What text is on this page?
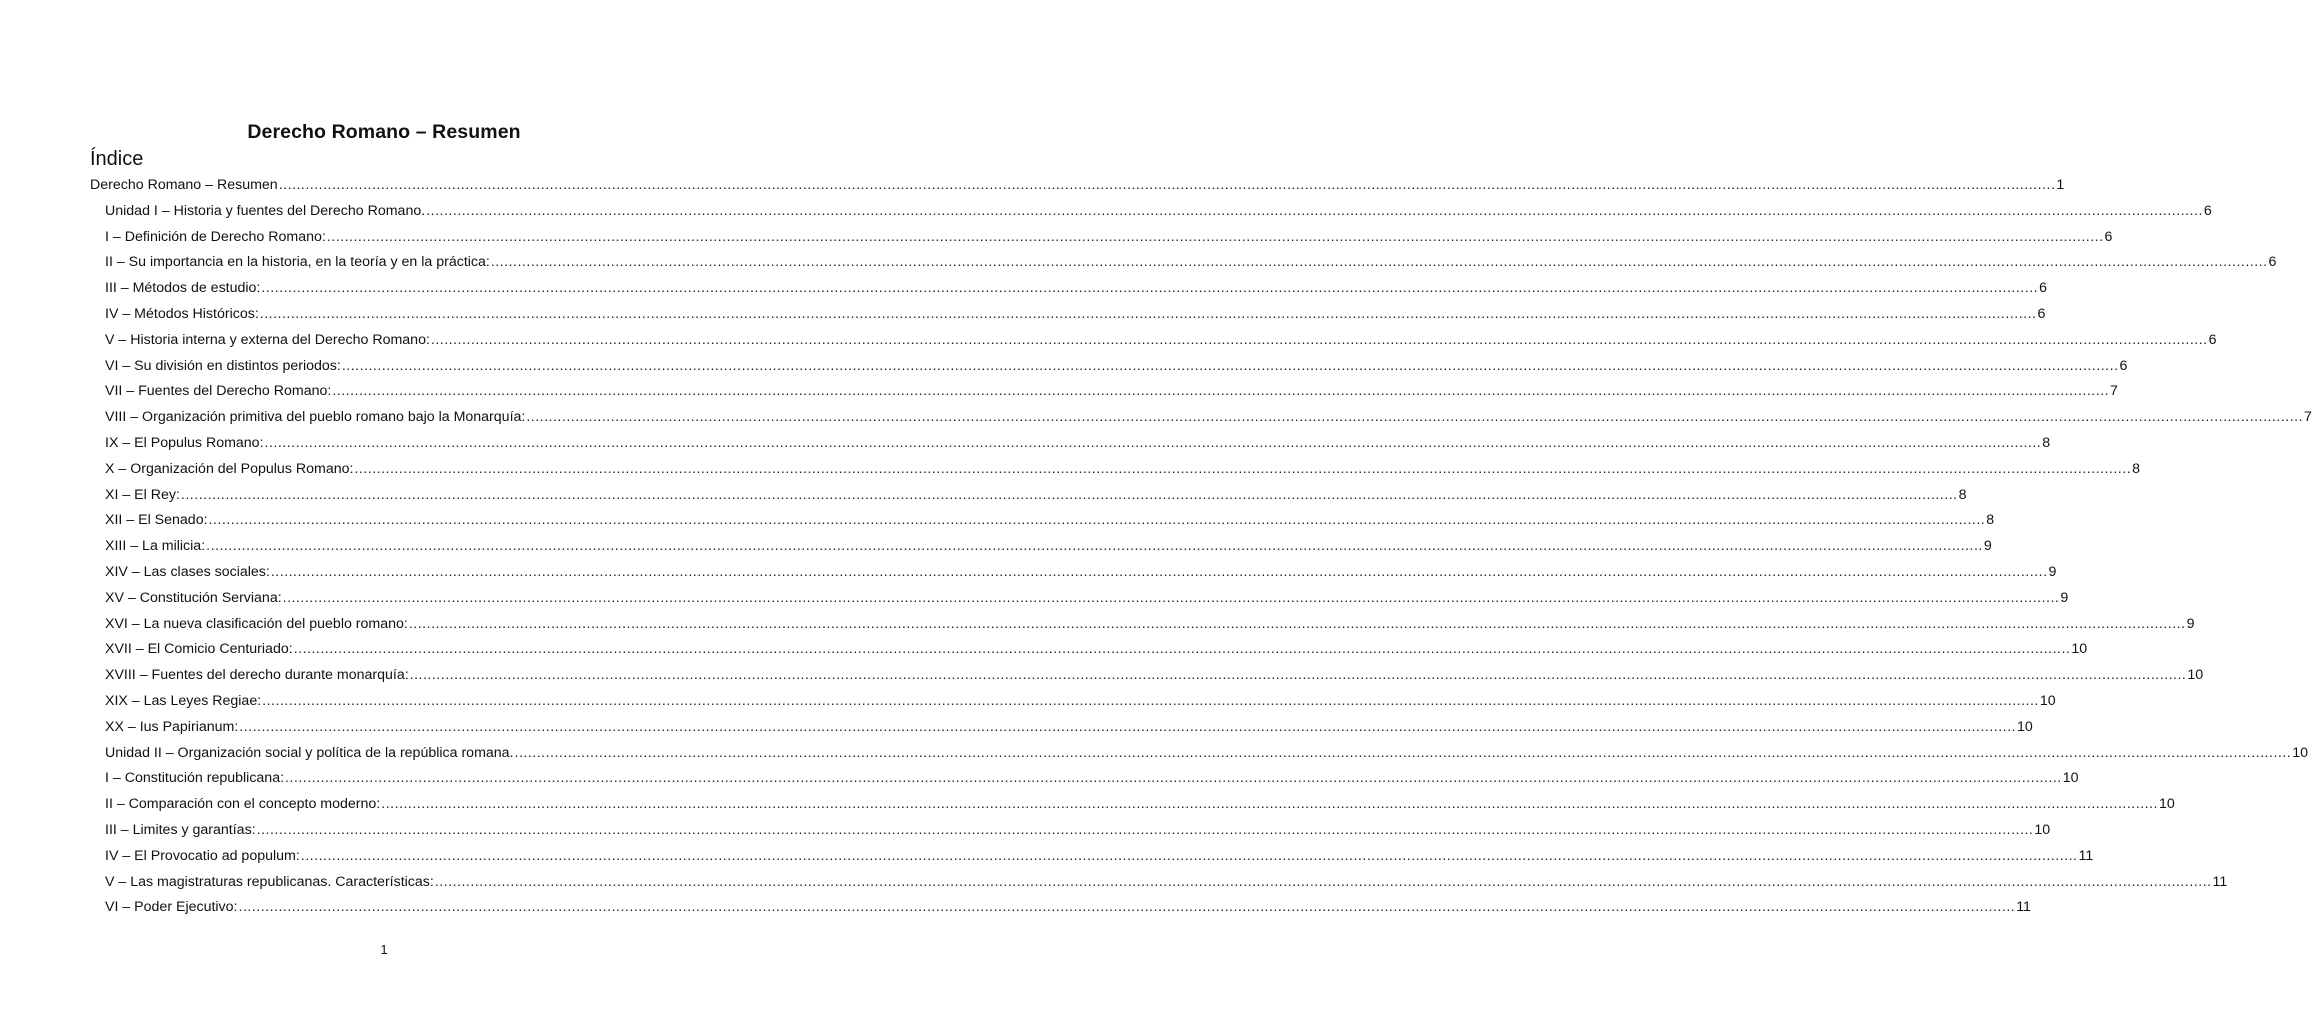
Derecho Romano – Resumen
Índice
Derecho Romano – Resumen ................................................................................................................................................................................................................................................................................................................................................................................................................ 1
Unidad I – Historia y fuentes del Derecho Romano. ................................................................................................................................................................................................................................................................................................................................................................................................................ 6
I – Definición de Derecho Romano: ................................................................................................................................................................................................................................................................................................................................................................................................................ 6
II – Su importancia en la historia, en la teoría y en la práctica: ................................................................................................................................................................................................................................................................................................................................................................................................................ 6
III – Métodos de estudio: ................................................................................................................................................................................................................................................................................................................................................................................................................ 6
IV – Métodos Históricos: ................................................................................................................................................................................................................................................................................................................................................................................................................ 6
V – Historia interna y externa del Derecho Romano: ................................................................................................................................................................................................................................................................................................................................................................................................................ 6
VI – Su división en distintos periodos: ................................................................................................................................................................................................................................................................................................................................................................................................................ 6
VII – Fuentes del Derecho Romano: ................................................................................................................................................................................................................................................................................................................................................................................................................ 7
VIII – Organización primitiva del pueblo romano bajo la Monarquía: ................................................................................................................................................................................................................................................................................................................................................................................................................ 7
IX – El Populus Romano: ................................................................................................................................................................................................................................................................................................................................................................................................................ 8
X – Organización del Populus Romano: ................................................................................................................................................................................................................................................................................................................................................................................................................ 8
XI – El Rey: ................................................................................................................................................................................................................................................................................................................................................................................................................ 8
XII – El Senado: ................................................................................................................................................................................................................................................................................................................................................................................................................ 8
XIII – La milicia: ................................................................................................................................................................................................................................................................................................................................................................................................................ 9
XIV – Las clases sociales: ................................................................................................................................................................................................................................................................................................................................................................................................................ 9
XV – Constitución Serviana: ................................................................................................................................................................................................................................................................................................................................................................................................................ 9
XVI – La nueva clasificación del pueblo romano: ................................................................................................................................................................................................................................................................................................................................................................................................................ 9
XVII – El Comicio Centuriado: ................................................................................................................................................................................................................................................................................................................................................................................................................ 10
XVIII – Fuentes del derecho durante monarquía: ................................................................................................................................................................................................................................................................................................................................................................................................................ 10
XIX – Las Leyes Regiae: ................................................................................................................................................................................................................................................................................................................................................................................................................ 10
XX – Ius Papirianum: ................................................................................................................................................................................................................................................................................................................................................................................................................ 10
Unidad II – Organización social y política de la república romana. ................................................................................................................................................................................................................................................................................................................................................................................................................ 10
I – Constitución republicana: ................................................................................................................................................................................................................................................................................................................................................................................................................ 10
II – Comparación con el concepto moderno: ................................................................................................................................................................................................................................................................................................................................................................................................................ 10
III – Limites y garantías: ................................................................................................................................................................................................................................................................................................................................................................................................................ 10
IV – El Provocatio ad populum: ................................................................................................................................................................................................................................................................................................................................................................................................................ 11
V – Las magistraturas republicanas. Características: ................................................................................................................................................................................................................................................................................................................................................................................................................ 11
VI – Poder Ejecutivo: ................................................................................................................................................................................................................................................................................................................................................................................................................ 11
1
